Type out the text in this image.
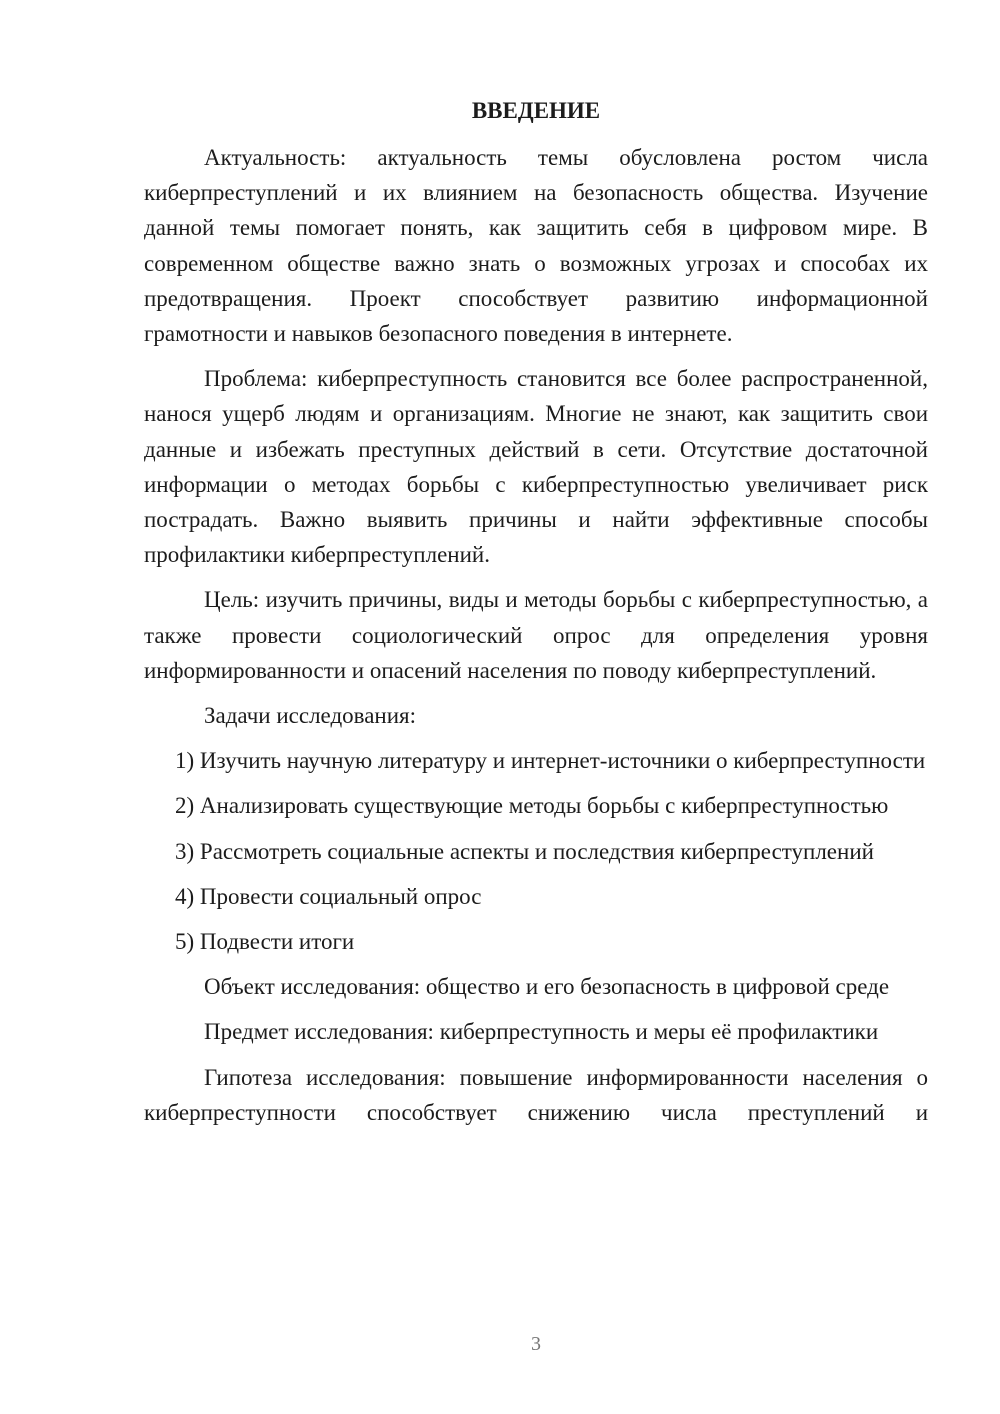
ВВЕДЕНИЕ

Актуальность: актуальность темы обусловлена ростом числа киберпреступлений и их влиянием на безопасность общества. Изучение данной темы помогает понять, как защитить себя в цифровом мире. В современном обществе важно знать о возможных угрозах и способах их предотвращения. Проект способствует развитию информационной грамотности и навыков безопасного поведения в интернете.

Проблема: киберпреступность становится все более распространенной, нанося ущерб людям и организациям. Многие не знают, как защитить свои данные и избежать преступных действий в сети. Отсутствие достаточной информации о методах борьбы с киберпреступностью увеличивает риск пострадать. Важно выявить причины и найти эффективные способы профилактики киберпреступлений.

Цель: изучить причины, виды и методы борьбы с киберпреступностью, а также провести социологический опрос для определения уровня информированности и опасений населения по поводу киберпреступлений.

Задачи исследования:

1) Изучить научную литературу и интернет-источники о киберпреступности

2) Анализировать существующие методы борьбы с киберпреступностью

3) Рассмотреть социальные аспекты и последствия киберпреступлений

4) Провести социальный опрос

5) Подвести итоги

Объект исследования: общество и его безопасность в цифровой среде

Предмет исследования: киберпреступность и меры её профилактики

Гипотеза исследования: повышение информированности населения о киберпреступности способствует снижению числа преступлений и

3
